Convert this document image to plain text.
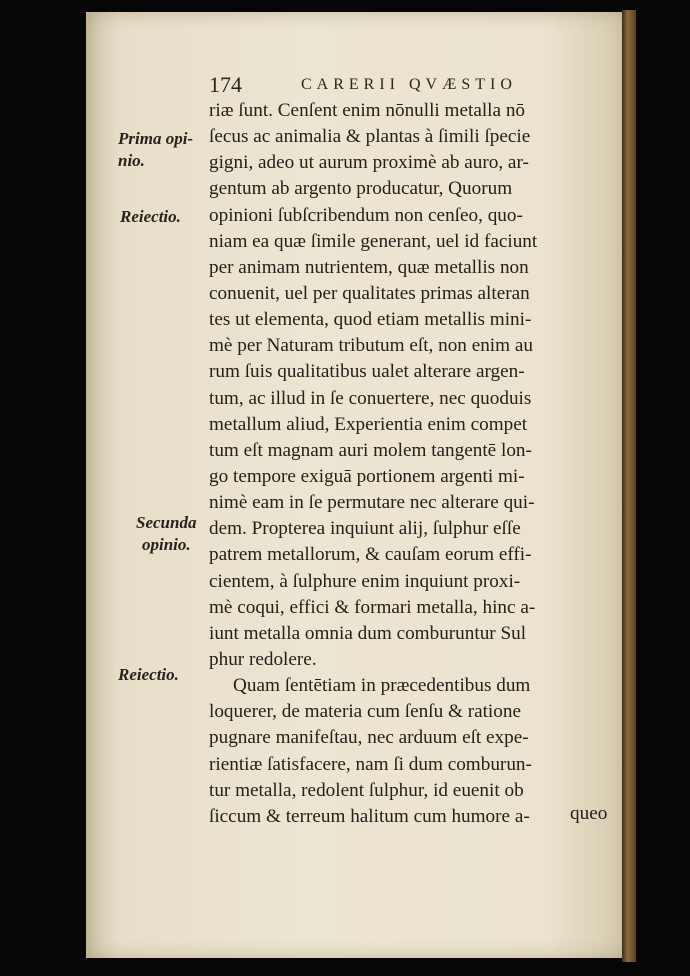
174	CARERII QVÆSTIO
Prima opi-
nio.
Reiectio.
Secunda
opinio.
Reiectio.
riæ ſunt. Cenſent enim nōnulli metalla nō
ſecus ac animalia & plantas à ſimili ſpecie
gigni, adeo ut aurum proximè ab auro, ar-
gentum ab argento producatur, Quorum
opinioni ſubſcribendum non cenſeo, quo-
niam ea quæ ſimile generant, uel id faciunt
per animam nutrientem, quæ metallis non
conuenit, uel per qualitates primas alteran
tes ut elementa, quod etiam metallis mini-
mè per Naturam tributum eſt, non enim au
rum ſuis qualitatibus ualet alterare argen-
tum, ac illud in ſe conuertere, nec quoduis
metallum aliud, Experientia enim compet
tum eſt magnam auri molem tangentē lon-
go tempore exiguā portionem argenti mi-
nimè eam in ſe permutare nec alterare qui-
dem. Propterea inquiunt alij, ſulphur eſſe
patrem metallorum, & cauſam eorum effi-
cientem, à ſulphure enim inquiunt proxi-
mè coqui, effici & formari metalla, hinc a-
iunt metalla omnia dum comburuntur Sul
phur redolere.
Quam ſentētiam in præcedentibus dum
loquerer, de materia cum ſenſu & ratione
pugnare manifeſtau, nec arduum eſt expe-
rientiæ ſatisfacere, nam ſi dum comburun-
tur metalla, redolent ſulphur, id euenit ob
ſiccum & terreum halitum cum humore a-	queo
